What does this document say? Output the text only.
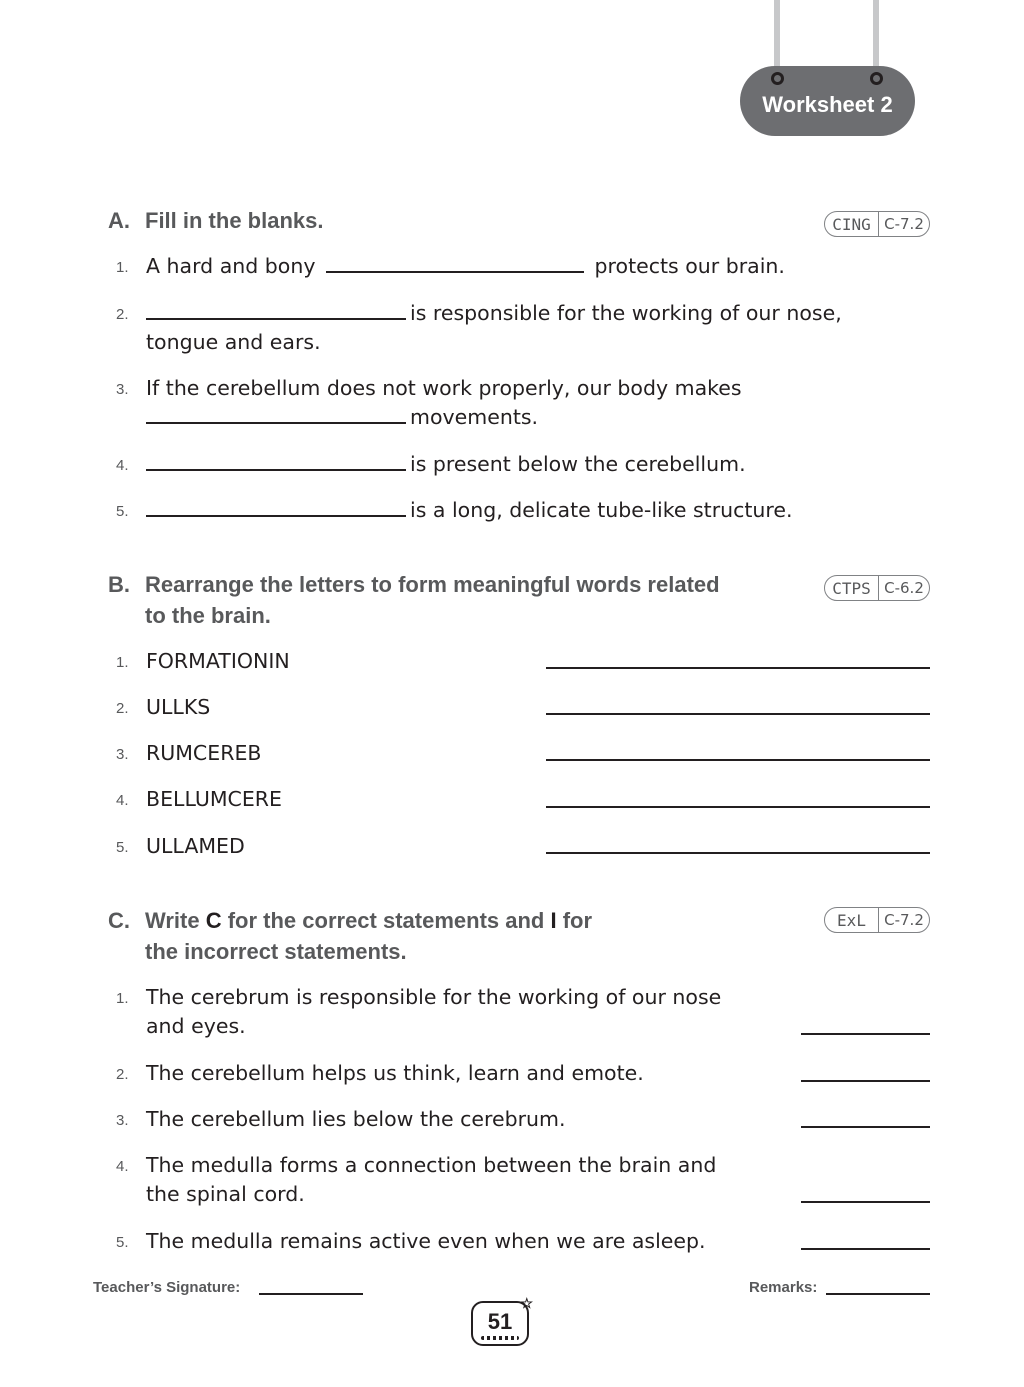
Worksheet 2
A. Fill in the blanks.	CING C-7.2
1. A hard and bony	protects our brain.
2.	is responsible for the working of our nose,
tongue and ears.
3. If the cerebellum does not work properly, our body makes
movements.
4.	is present below the cerebellum.
5.	is a long, delicate tube-like structure.
B. Rearrange the letters to form meaningful words related
to the brain.
CTPS C-6.2
1. FORMATIONIN
2. ULLKS
3. RUMCEREB
4. BELLUMCERE
5. ULLAMED
C. Write C for the correct statements and I for
the incorrect statements.
ExL	C-7.2
1. The cerebrum is responsible for the working of our nose
and eyes.
2. The cerebellum helps us think, learn and emote.
3. The cerebellum lies below the cerebrum.
4. The medulla forms a connection between the brain and
the spinal cord.
5. The medulla remains active even when we are asleep.
Teacher’s Signature:	Remarks:
51
☆
